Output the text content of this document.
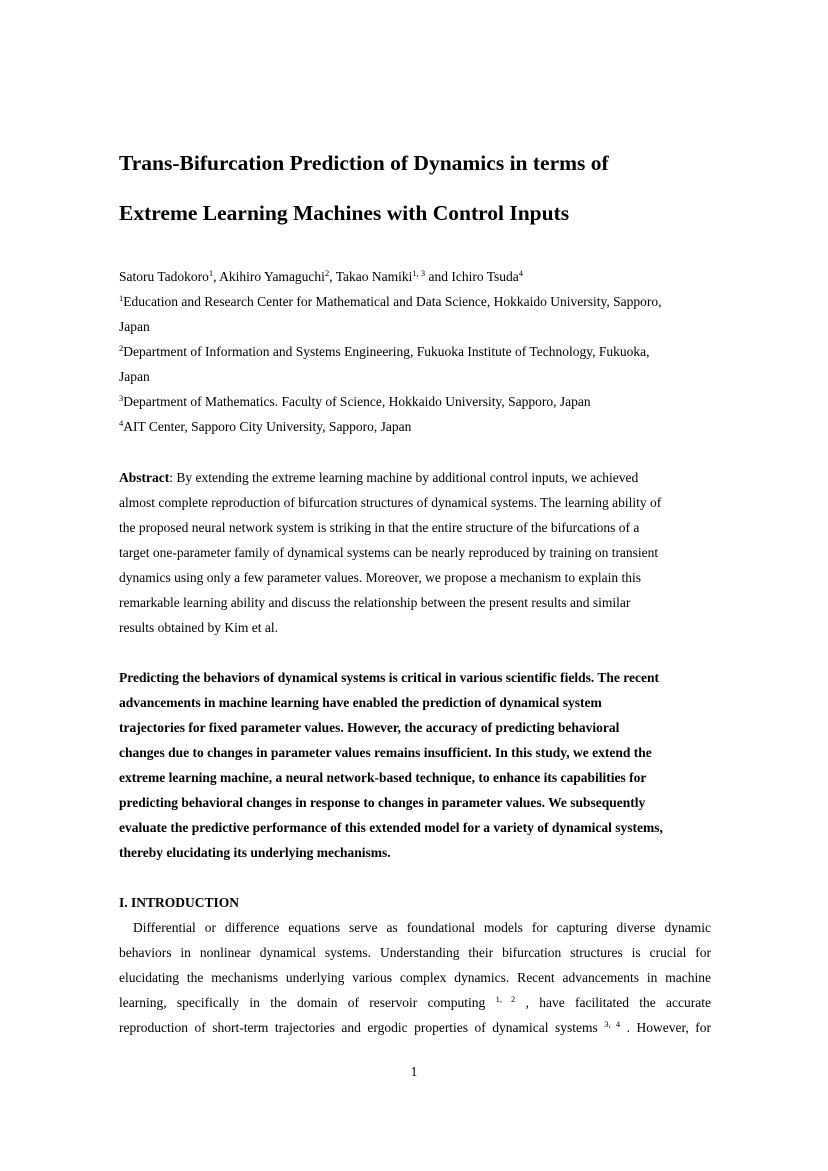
Trans-Bifurcation Prediction of Dynamics in terms of
Extreme Learning Machines with Control Inputs

Satoru Tadokoro$^1$, Akihiro Yamaguchi$^2$, Takao Namiki$^{1, 3}$ and Ichiro Tsuda$^4$

$^1$Education and Research Center for Mathematical and Data Science, Hokkaido University, Sapporo,

Japan

$^2$Department of Information and Systems Engineering, Fukuoka Institute of Technology, Fukuoka,

Japan

$^3$Department of Mathematics. Faculty of Science, Hokkaido University, Sapporo, Japan

$^4$AIT Center, Sapporo City University, Sapporo, Japan

Abstract: By extending the extreme learning machine by additional control inputs, we achieved

almost complete reproduction of bifurcation structures of dynamical systems. The learning ability of

the proposed neural network system is striking in that the entire structure of the bifurcations of a

target one-parameter family of dynamical systems can be nearly reproduced by training on transient

dynamics using only a few parameter values. Moreover, we propose a mechanism to explain this

remarkable learning ability and discuss the relationship between the present results and similar

results obtained by Kim et al.

Predicting the behaviors of dynamical systems is critical in various scientific fields. The recent

advancements in machine learning have enabled the prediction of dynamical system

trajectories for fixed parameter values. However, the accuracy of predicting behavioral

changes due to changes in parameter values remains insufficient. In this study, we extend the

extreme learning machine, a neural network-based technique, to enhance its capabilities for

predicting behavioral changes in response to changes in parameter values. We subsequently

evaluate the predictive performance of this extended model for a variety of dynamical systems,

thereby elucidating its underlying mechanisms.

I. INTRODUCTION

Differential or difference equations serve as foundational models for capturing diverse dynamic

behaviors in nonlinear dynamical systems. Understanding their bifurcation structures is crucial for

elucidating the mechanisms underlying various complex dynamics. Recent advancements in machine

learning, specifically in the domain of reservoir computing $^{1, 2}$ , have facilitated the accurate

reproduction of short-term trajectories and ergodic properties of dynamical systems $^{3, 4}$ . However, for

1
